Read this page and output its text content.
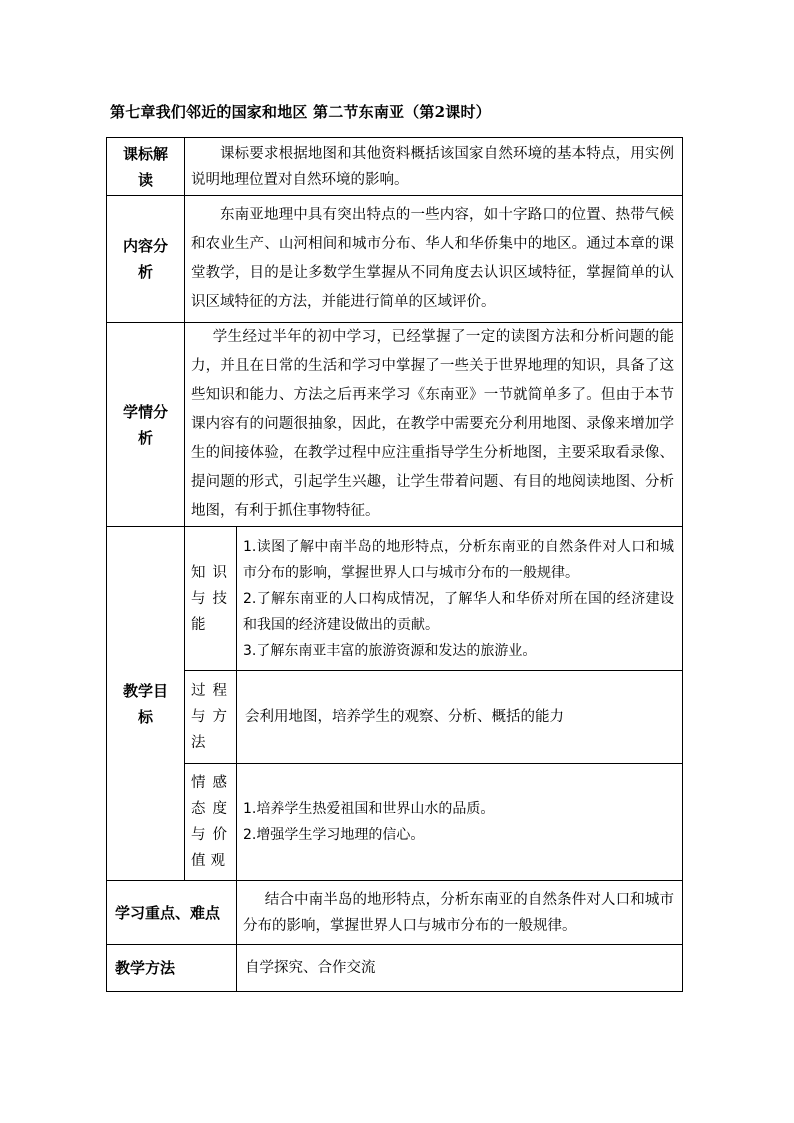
第七章我们邻近的国家和地区 第二节东南亚（第2课时）
课标解读	课标要求根据地图和其他资料概括该国家自然环境的基本特点，用实例说明地理位置对自然环境的影响。	
内容分析	东南亚地理中具有突出特点的一些内容，如十字路口的位置、热带气候和农业生产、山河相间和城市分布、华人和华侨集中的地区。通过本章的课堂教学，目的是让多数学生掌握从不同角度去认识区域特征，掌握简单的认识区域特征的方法，并能进行简单的区域评价。	
学情分析	学生经过半年的初中学习，已经掌握了一定的读图方法和分析问题的能力，并且在日常的生活和学习中掌握了一些关于世界地理的知识，具备了这些知识和能力、方法之后再来学习《东南亚》一节就简单多了。但由于本节课内容有的问题很抽象，因此，在教学中需要充分利用地图、录像来增加学生的间接体验，在教学过程中应注重指导学生分析地图，主要采取看录像、提问题的形式，引起学生兴趣，让学生带着问题、有目的地阅读地图、分析地图，有利于抓住事物特征。	
教学目标	知识与技能	1.读图了解中南半岛的地形特点，分析东南亚的自然条件对人口和城市分布的影响，掌握世界人口与城市分布的一般规律。
2.了解东南亚的人口构成情况，了解华人和华侨对所在国的经济建设和我国的经济建设做出的贡献。
3.了解东南亚丰富的旅游资源和发达的旅游业。

	过程与方法	会利用地图，培养学生的观察、分析、概括的能力
	情感态度与价值观	1.培养学生热爱祖国和世界山水的品质。
2.增强学生学习地理的信心。

学习重点、难点		结合中南半岛的地形特点，分析东南亚的自然条件对人口和城市分布的影响，掌握世界人口与城市分布的一般规律。
教学方法		自学探究、合作交流
